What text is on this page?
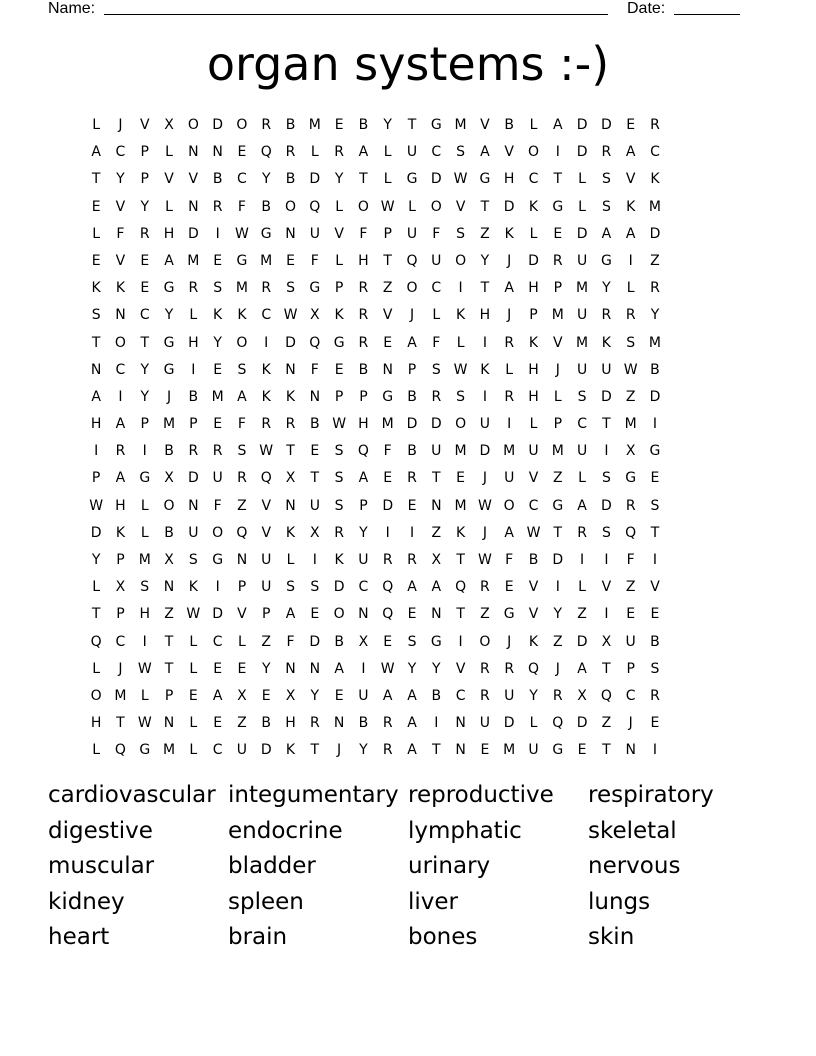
Name:	Date:
organ systems :-)
L	J	V	X O D O R	B M E	B	Y	T	G M V	B	L	A	D D	E	R
A	C	P	L	N N	E	Q R	L	R	A	L	U	C	S	A	V O	I	D	R	A	C
T	Y	P	V	V	B	C	Y	B	D	Y	T	L	G D W G H	C	T	L	S	V	K
E	V	Y	L	N	R	F	B O Q	L	O W L	O	V	T	D	K	G	L	S	K M
L	F	R	H D	I	W G N U	V	F	P	U	F	S	Z	K	L	E	D	A	A	D
E	V	E	A M E	G M E	F	L	H	T	Q U O	Y	J	D	R	U G	I	Z
K	K	E	G	R	S M R	S	G	P	R	Z O C	I	T	A	H	P	M Y	L	R
S	N	C	Y	L	K	K	C W X	K	R	V	J	L	K	H	J	P	M U	R	R	Y
T	O	T	G H	Y	O	I	D Q G	R	E	A	F	L	I	R	K	V M K	S M
N	C	Y	G	I	E	S	K	N	F	E	B	N	P	S W K	L	H	J	U	U W B
A	I	Y	J	B M A	K	K	N	P	P	G	B	R	S	I	R	H	L	S	D	Z	D
H	A	P	M	P	E	F	R	R	B W H M D D O U	I	L	P	C	T M	I
I	R	I	B	R	R	S W T	E	S	Q	F	B	U M D M U M U	I	X	G
P	A	G	X	D U	R Q X	T	S	A	E	R	T	E	J	U	V	Z	L	S	G	E
W H	L	O N	F	Z	V	N U	S	P	D	E	N M W O C G	A	D	R	S
D	K	L	B	U O Q	V	K	X	R	Y	I	I	Z	K	J	A W T	R	S	Q	T
Y	P	M X	S	G N U	L	I	K	U	R	R	X	T W F	B	D	I	I	F	I
L	X	S	N	K	I	P	U	S	S	D	C Q	A	A Q R	E	V	I	L	V	Z	V
T	P	H	Z W D	V	P	A	E	O N Q	E	N	T	Z	G	V	Y	Z	I	E	E
Q C	I	T	L	C	L	Z	F	D	B	X	E	S	G	I	O	J	K	Z	D	X	U	B
L	J	W T	L	E	E	Y	N N	A	I	W Y	Y	V	R	R Q	J	A	T	P	S
O M	L	P	E	A	X	E	X	Y	E	U	A	A	B	C	R	U	Y	R	X Q C	R
H	T W N	L	E	Z	B	H	R	N	B	R	A	I	N U D	L	Q D	Z	J	E
L	Q G M	L	C	U D	K	T	J	Y	R	A	T	N	E M U G	E	T	N	I
cardiovascular integumentary reproductive	respiratory
digestive	endocrine	lymphatic	skeletal
muscular	bladder	urinary	nervous
kidney	spleen	liver	lungs
heart	brain	bones	skin
